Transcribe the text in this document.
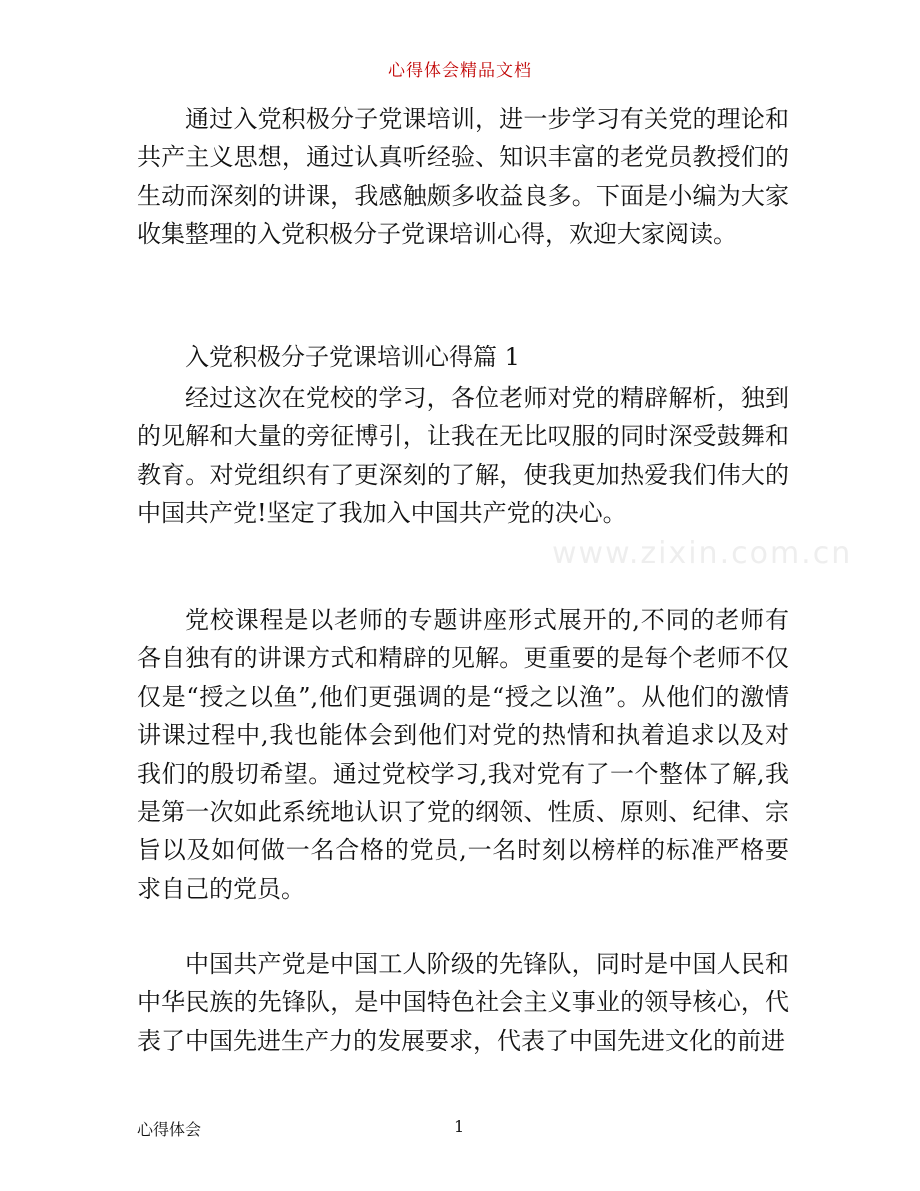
心得体会精品文档

通过入党积极分子党课培训，进一步学习有关党的理论和共产主义思想，通过认真听经验、知识丰富的老党员教授们的生动而深刻的讲课，我感触颇多收益良多。下面是小编为大家收集整理的入党积极分子党课培训心得，欢迎大家阅读。

入党积极分子党课培训心得篇 1

经过这次在党校的学习，各位老师对党的精辟解析，独到的见解和大量的旁征博引，让我在无比叹服的同时深受鼓舞和教育。对党组织有了更深刻的了解，使我更加热爱我们伟大的中国共产党!坚定了我加入中国共产党的决心。

党校课程是以老师的专题讲座形式展开的,不同的老师有各自独有的讲课方式和精辟的见解。更重要的是每个老师不仅仅是“授之以鱼”,他们更强调的是“授之以渔”。从他们的激情讲课过程中,我也能体会到他们对党的热情和执着追求以及对我们的殷切希望。通过党校学习,我对党有了一个整体了解,我是第一次如此系统地认识了党的纲领、性质、原则、纪律、宗旨以及如何做一名合格的党员,一名时刻以榜样的标准严格要求自己的党员。

中国共产党是中国工人阶级的先锋队，同时是中国人民和中华民族的先锋队，是中国特色社会主义事业的领导核心，代表了中国先进生产力的发展要求，代表了中国先进文化的前进

www.zixin.com.cn
心得体会	1
